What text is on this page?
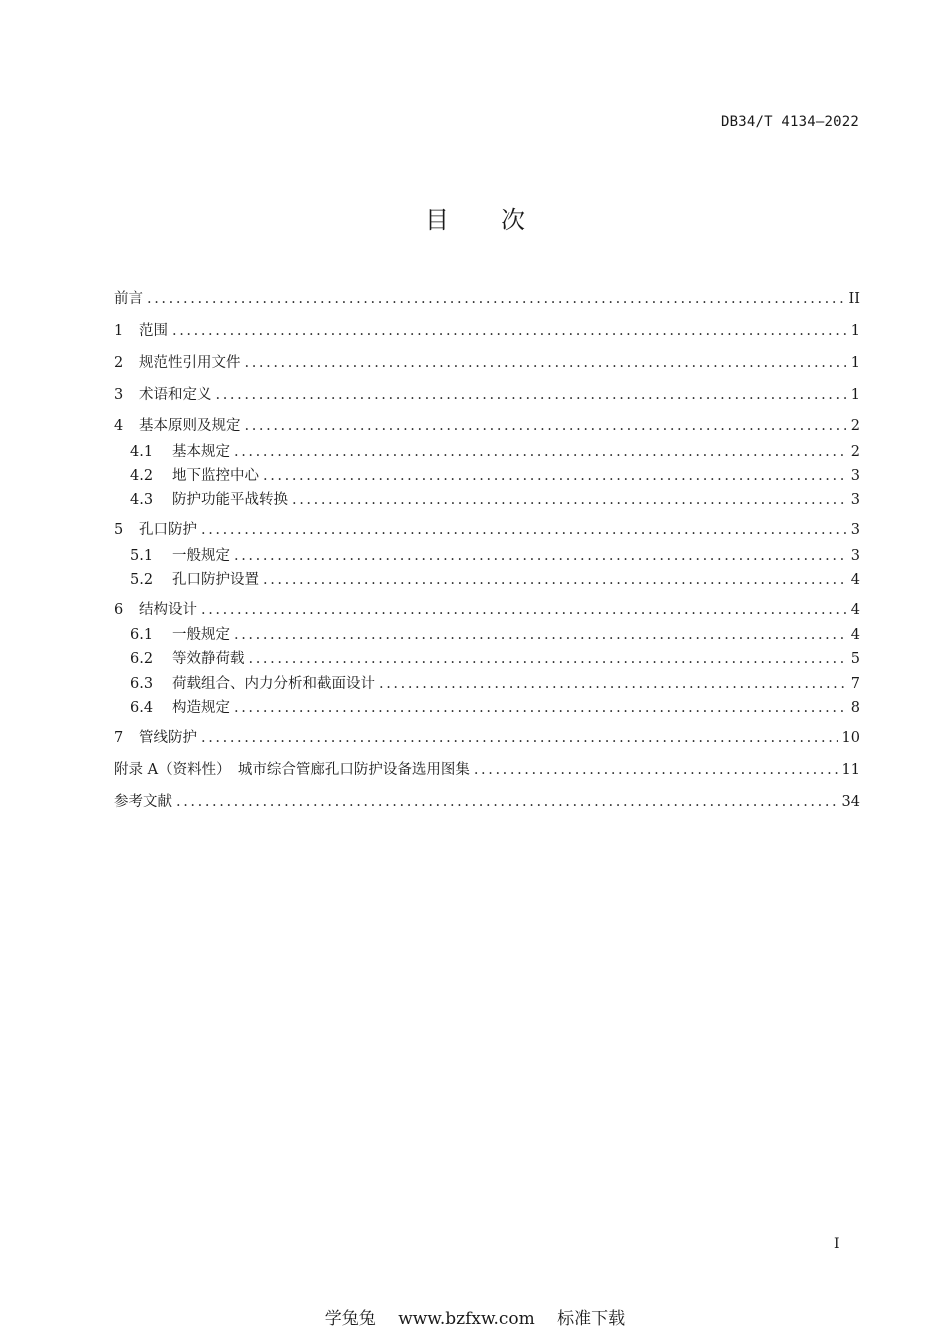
DB34/T 4134—2022
目 次
前言 .....	II
1	范围 .....	1
2	规范性引用文件 .....	1
3	术语和定义 .....	1
4	基本原则及规定 .....	2
4.1	基本规定 .....	2
4.2	地下监控中心 .....	3
4.3	防护功能平战转换 .....	3
5	孔口防护 .....	3
5.1	一般规定 .....	3
5.2	孔口防护设置 .....	4
6	结构设计 .....	4
6.1	一般规定 .....	4
6.2	等效静荷载 .....	5
6.3	荷载组合、内力分析和截面设计 .....	7
6.4	构造规定 .....	8
7	管线防护 .....	10
附录 A（资料性）　城市综合管廊孔口防护设备选用图集 .....	11
参考文献 .....	34
I
学兔兔　 www.bzfxw.com　 标准下载
